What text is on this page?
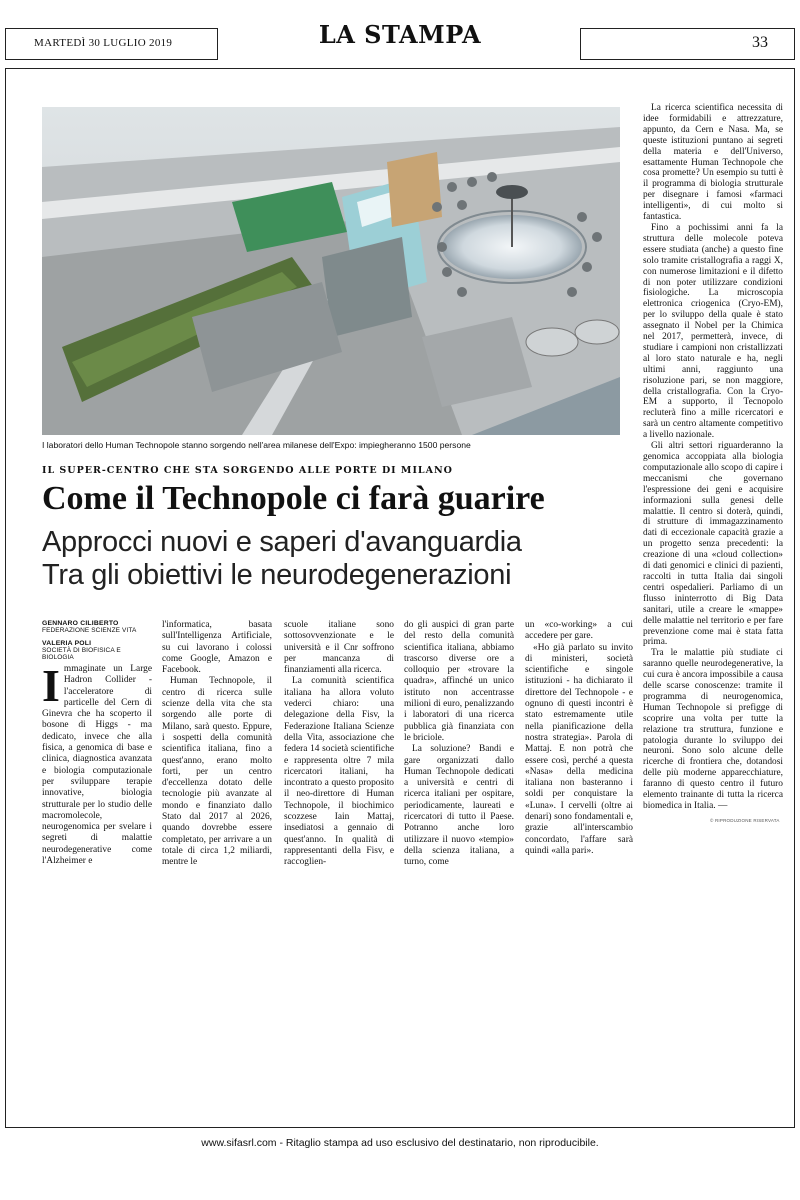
MARTEDÌ 30 LUGLIO 2019	LA STAMPA	33
I laboratori dello Human Technopole stanno sorgendo nell'area milanese dell'Expo: impiegheranno 1500 persone
IL SUPER-CENTRO CHE STA SORGENDO ALLE PORTE DI MILANO
Come il Technopole ci farà guarire
Approcci nuovi e saperi d'avanguardia
Tra gli obiettivi le neurodegenerazioni
GENNARO CILIBERTO
FEDERAZIONE SCIENZE VITA
VALERIA POLI
SOCIETÀ DI BIOFISICA E BIOLOGIA

Immaginate un Large Hadron Collider - l'acceleratore di particelle del Cern di Ginevra che ha scoperto il bosone di Higgs - ma dedicato, invece che alla fisica, a genomica di base e clinica, diagnostica avanzata e biologia computazionale per sviluppare terapie innovative, biologia strutturale per lo studio delle macromolecole, neurogenomica per svelare i segreti di malattie neurodegenerative come l'Alzheimer e

l'informatica, basata sull'Intelligenza Artificiale, su cui lavorano i colossi come Google, Amazon e Facebook.

Human Technopole, il centro di ricerca sulle scienze della vita che sta sorgendo alle porte di Milano, sarà questo. Eppure, i sospetti della comunità scientifica italiana, fino a quest'anno, erano molto forti, per un centro d'eccellenza dotato delle tecnologie più avanzate al mondo e finanziato dallo Stato dal 2017 al 2026, quando dovrebbe essere completato, per arrivare a un totale di circa 1,2 miliardi, mentre le

scuole italiane sono sottosovvenzionate e le università e il Cnr soffrono per mancanza di finanziamenti alla ricerca.

La comunità scientifica italiana ha allora voluto vederci chiaro: una delegazione della Fisv, la Federazione Italiana Scienze della Vita, associazione che federa 14 società scientifiche e rappresenta oltre 7 mila ricercatori italiani, ha incontrato a questo proposito il neo-direttore di Human Technopole, il biochimico scozzese Iain Mattaj, insediatosi a gennaio di quest'anno. In qualità di rappresentanti della Fisv, e raccoglien-

do gli auspici di gran parte del resto della comunità scientifica italiana, abbiamo trascorso diverse ore a colloquio per «trovare la quadra», affinché un unico istituto non accentrasse milioni di euro, penalizzando i laboratori di una ricerca pubblica già finanziata con le briciole.

La soluzione? Bandi e gare organizzati dallo Human Technopole dedicati a università e centri di ricerca italiani per ospitare, periodicamente, laureati e ricercatori di tutto il Paese. Potranno anche loro utilizzare il nuovo «tempio» della scienza italiana, a turno, come

un «co-working» a cui accedere per gare.

«Ho già parlato su invito di ministeri, società scientifiche e singole istituzioni - ha dichiarato il direttore del Technopole - e ognuno di questi incontri è stato estremamente utile nella pianificazione della nostra strategia». Parola di Mattaj. E non potrà che essere così, perché a questa «Nasa» della medicina italiana non basteranno i soldi per conquistare la «Luna». I cervelli (oltre ai denari) sono fondamentali e, grazie all'interscambio concordato, l'affare sarà quindi «alla pari».

La ricerca scientifica necessita di idee formidabili e attrezzature, appunto, da Cern e Nasa. Ma, se queste istituzioni puntano ai segreti della materia e dell'Universo, esattamente Human Technopole che cosa promette? Un esempio su tutti è il programma di biologia strutturale per disegnare i famosi «farmaci intelligenti», di cui molto si fantastica.

Fino a pochissimi anni fa la struttura delle molecole poteva essere studiata (anche) a questo fine solo tramite cristallografia a raggi X, con numerose limitazioni e il difetto di non poter utilizzare condizioni fisiologiche. La microscopia elettronica criogenica (Cryo-EM), per lo sviluppo della quale è stato assegnato il Nobel per la Chimica nel 2017, permetterà, invece, di studiare i campioni non cristallizzati al loro stato naturale e ha, negli ultimi anni, raggiunto una risoluzione pari, se non maggiore, della cristallografia. Con la Cryo-EM a supporto, il Tecnopolo recluterà fino a mille ricercatori e sarà un centro altamente competitivo a livello nazionale.

Gli altri settori riguarderanno la genomica accoppiata alla biologia computazionale allo scopo di capire i meccanismi che governano l'espressione dei geni e acquisire informazioni sulla genesi delle malattie. Il centro si doterà, quindi, di strutture di immagazzinamento dati di eccezionale capacità grazie a un progetto senza precedenti: la creazione di una «cloud collection» di dati genomici e clinici di pazienti, raccolti in tutta Italia dai singoli centri ospedalieri. Parliamo di un flusso ininterrotto di Big Data sanitari, utile a creare le «mappe» delle malattie nel territorio e per fare prevenzione come mai è stata fatta prima.

Tra le malattie più studiate ci saranno quelle neurodegenerative, la cui cura è ancora impossibile a causa delle scarse conoscenze: tramite il programma di neurogenomica, Human Technopole si prefigge di scoprire una volta per tutte la relazione tra struttura, funzione e patologia durante lo sviluppo dei neuroni. Sono solo alcune delle ricerche di frontiera che, dotandosi delle più moderne apparecchiature, faranno di questo centro il futuro elemento trainante di tutta la ricerca biomedica in Italia. —

© RIPRODUZIONE RISERVATA
www.sifasrl.com - Ritaglio stampa ad uso esclusivo del destinatario, non riproducibile.
